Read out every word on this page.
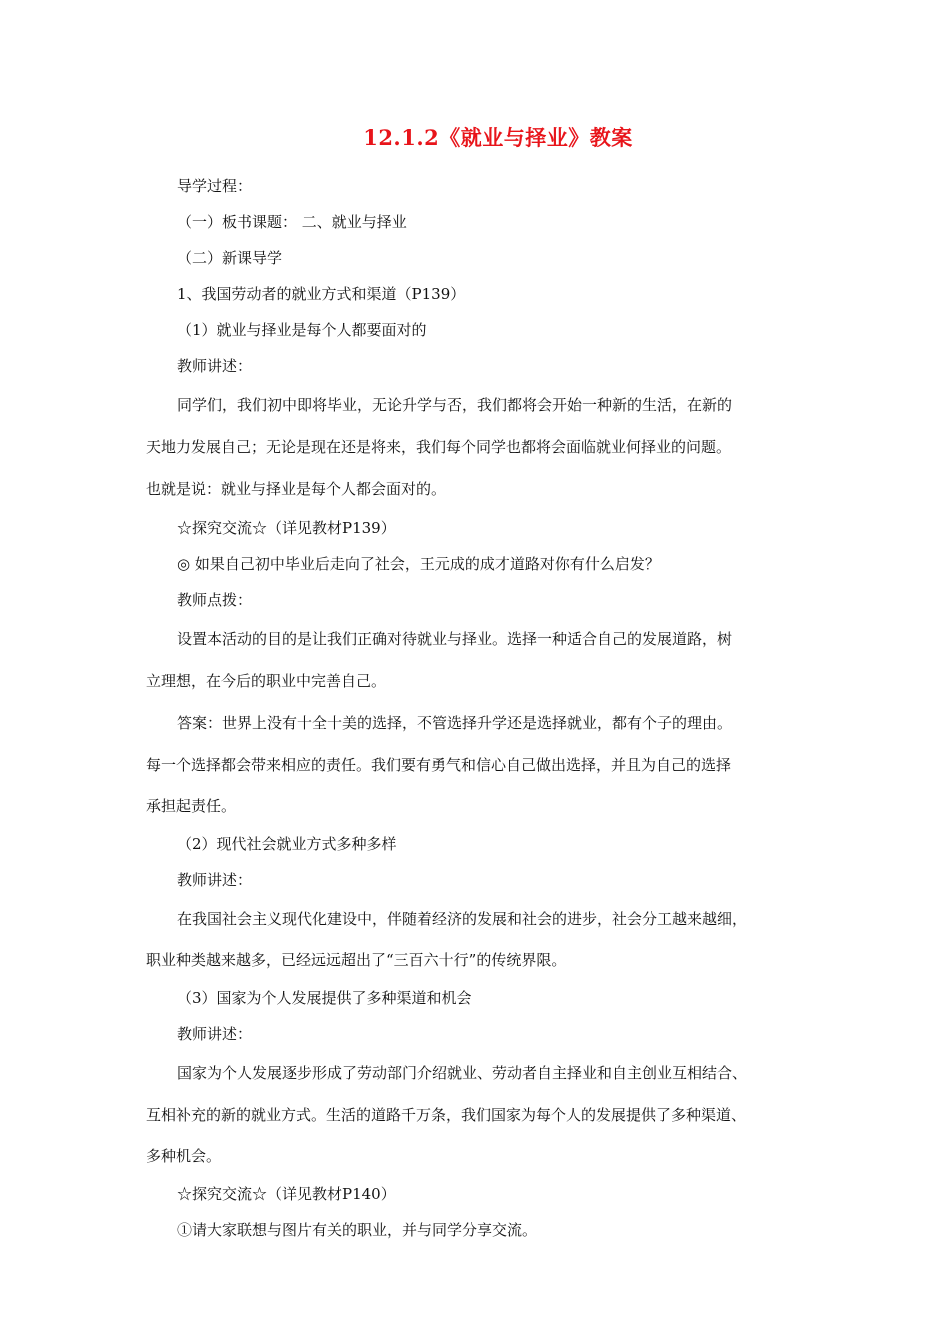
12.1.2《就业与择业》教案

导学过程：

（一）板书课题： 二、就业与择业

（二）新课导学

1、我国劳动者的就业方式和渠道（P139）

（1）就业与择业是每个人都要面对的

教师讲述：

同学们，我们初中即将毕业，无论升学与否，我们都将会开始一种新的生活，在新的

天地力发展自己；无论是现在还是将来，我们每个同学也都将会面临就业何择业的问题。

也就是说：就业与择业是每个人都会面对的。

☆探究交流☆（详见教材P139）

◎ 如果自己初中毕业后走向了社会，王元成的成才道路对你有什么启发？

教师点拨：

设置本活动的目的是让我们正确对待就业与择业。选择一种适合自己的发展道路，树

立理想，在今后的职业中完善自己。

答案：世界上没有十全十美的选择，不管选择升学还是选择就业，都有个子的理由。

每一个选择都会带来相应的责任。我们要有勇气和信心自己做出选择，并且为自己的选择

承担起责任。

（2）现代社会就业方式多种多样

教师讲述：

在我国社会主义现代化建设中，伴随着经济的发展和社会的进步，社会分工越来越细，

职业种类越来越多，已经远远超出了“三百六十行”的传统界限。

（3）国家为个人发展提供了多种渠道和机会

教师讲述：

国家为个人发展逐步形成了劳动部门介绍就业、劳动者自主择业和自主创业互相结合、

互相补充的新的就业方式。生活的道路千万条，我们国家为每个人的发展提供了多种渠道、

多种机会。

☆探究交流☆（详见教材P140）

①请大家联想与图片有关的职业，并与同学分享交流。
